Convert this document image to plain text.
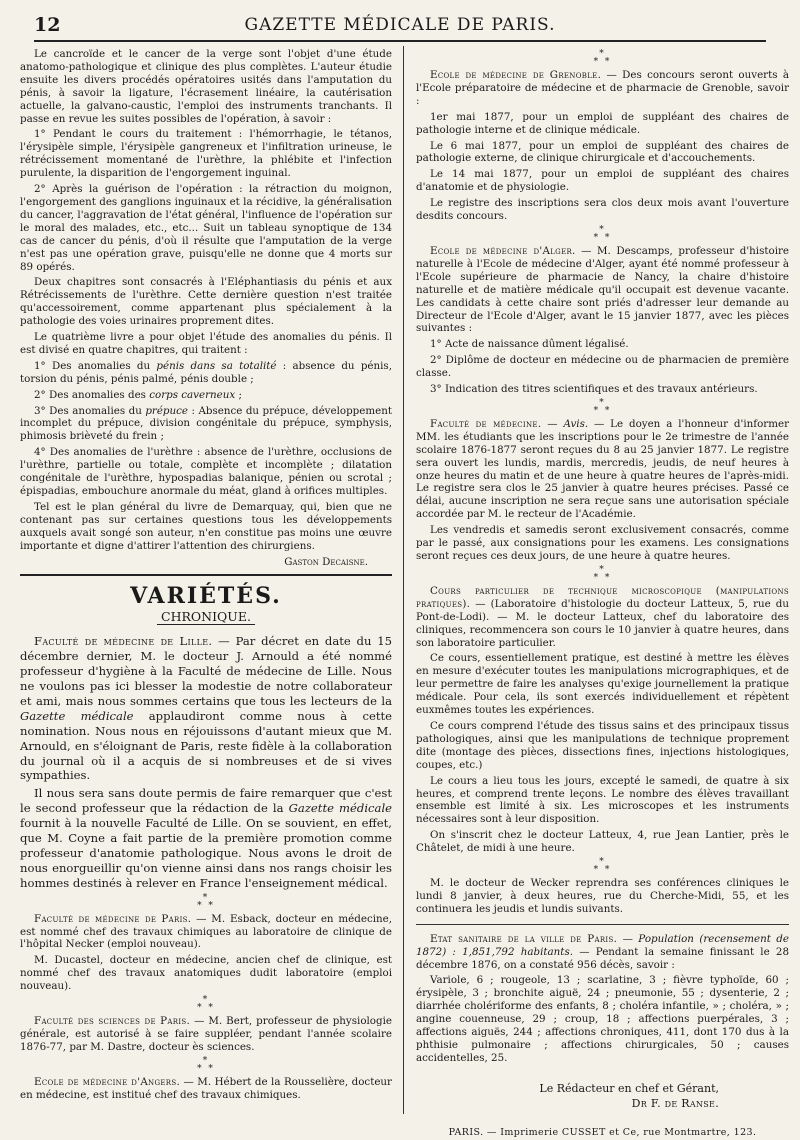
12	GAZETTE MÉDICALE DE PARIS.

Le cancroïde et le cancer de la verge sont l'objet d'une étude anatomo-pathologique et clinique des plus complètes. L'auteur étudie ensuite les divers procédés opératoires usités dans l'amputation du pénis, à savoir la ligature, l'écrasement linéaire, la cautérisation actuelle, la galvano-caustic, l'emploi des instruments tranchants. Il passe en revue les suites possibles de l'opération, à savoir :

1° Pendant le cours du traitement : l'hémorrhagie, le tétanos, l'érysipèle simple, l'érysipèle gangreneux et l'infiltration urineuse, le rétrécissement momentané de l'urèthre, la phlébite et l'infection purulente, la disparition de l'engorgement inguinal.

2° Après la guérison de l'opération : la rétraction du moignon, l'engorgement des ganglions inguinaux et la récidive, la généralisation du cancer, l'aggravation de l'état général, l'influence de l'opération sur le moral des malades, etc., etc... Suit un tableau synoptique de 134 cas de cancer du pénis, d'où il résulte que l'amputation de la verge n'est pas une opération grave, puisqu'elle ne donne que 4 morts sur 89 opérés.

Deux chapitres sont consacrés à l'Eléphantiasis du pénis et aux Rétrécissements de l'urèthre. Cette dernière question n'est traitée qu'accessoirement, comme appartenant plus spécialement à la pathologie des voies urinaires proprement dites.

Le quatrième livre a pour objet l'étude des anomalies du pénis. Il est divisé en quatre chapitres, qui traitent :

1° Des anomalies du pénis dans sa totalité : absence du pénis, torsion du pénis, pénis palmé, pénis double ;

2° Des anomalies des corps caverneux ;

3° Des anomalies du prépuce : Absence du prépuce, développement incomplet du prépuce, division congénitale du prépuce, symphysis, phimosis brièveté du frein ;

4° Des anomalies de l'urèthre : absence de l'urèthre, occlusions de l'urèthre, partielle ou totale, complète et incomplète ; dilatation congénitale de l'urèthre, hypospadias balanique, pénien ou scrotal ; épispadias, embouchure anormale du méat, gland à orifices multiples.

Tel est le plan général du livre de Demarquay, qui, bien que ne contenant pas sur certaines questions tous les développements auxquels avait songé son auteur, n'en constitue pas moins une œuvre importante et digne d'attirer l'attention des chirurgiens.

Gaston Decaisne.
VARIÉTÉS.
CHRONIQUE.

Faculté de médecine de Lille. — Par décret en date du 15 décembre dernier, M. le docteur J. Arnould a été nommé professeur d'hygiène à la Faculté de médecine de Lille. Nous ne voulons pas ici blesser la modestie de notre collaborateur et ami, mais nous sommes certains que tous les lecteurs de la Gazette médicale applaudiront comme nous à cette nomination. Nous nous en réjouissons d'autant mieux que M. Arnould, en s'éloignant de Paris, reste fidèle à la collaboration du journal où il a acquis de si nombreuses et de si vives sympathies.

Il nous sera sans doute permis de faire remarquer que c'est le second professeur que la rédaction de la Gazette médicale fournit à la nouvelle Faculté de Lille. On se souvient, en effet, que M. Coyne a fait partie de la première promotion comme professeur d'anatomie pathologique. Nous avons le droit de nous enorgueillir qu'on vienne ainsi dans nos rangs choisir les hommes destinés à relever en France l'enseignement médical.

*
* *

Faculté de médecine de Paris. — M. Esback, docteur en médecine, est nommé chef des travaux chimiques au laboratoire de clinique de l'hôpital Necker (emploi nouveau).

M. Ducastel, docteur en médecine, ancien chef de clinique, est nommé chef des travaux anatomiques dudit laboratoire (emploi nouveau).

*
* *

Faculté des sciences de Paris. — M. Bert, professeur de physiologie générale, est autorisé à se faire suppléer, pendant l'année scolaire 1876-77, par M. Dastre, docteur ès sciences.

*
* *

Ecole de médecine d'Angers. — M. Hébert de la Rousselière, docteur en médecine, est institué chef des travaux chimiques.

*
* *

Ecole de médecine de Grenoble. — Des concours seront ouverts à l'Ecole préparatoire de médecine et de pharmacie de Grenoble, savoir :

1er mai 1877, pour un emploi de suppléant des chaires de pathologie interne et de clinique médicale.

Le 6 mai 1877, pour un emploi de suppléant des chaires de pathologie externe, de clinique chirurgicale et d'accouchements.

Le 14 mai 1877, pour un emploi de suppléant des chaires d'anatomie et de physiologie.

Le registre des inscriptions sera clos deux mois avant l'ouverture desdits concours.

*
* *

Ecole de médecine d'Alger. — M. Descamps, professeur d'histoire naturelle à l'Ecole de médecine d'Alger, ayant été nommé professeur à l'Ecole supérieure de pharmacie de Nancy, la chaire d'histoire naturelle et de matière médicale qu'il occupait est devenue vacante. Les candidats à cette chaire sont priés d'adresser leur demande au Directeur de l'Ecole d'Alger, avant le 15 janvier 1877, avec les pièces suivantes :

1° Acte de naissance dûment légalisé.

2° Diplôme de docteur en médecine ou de pharmacien de première classe.

3° Indication des titres scientifiques et des travaux antérieurs.

*
* *

Faculté de médecine. — Avis. — Le doyen a l'honneur d'informer MM. les étudiants que les inscriptions pour le 2e trimestre de l'année scolaire 1876-1877 seront reçues du 8 au 25 janvier 1877. Le registre sera ouvert les lundis, mardis, mercredis, jeudis, de neuf heures à onze heures du matin et de une heure à quatre heures de l'après-midi. Le registre sera clos le 25 janvier à quatre heures précises. Passé ce délai, aucune inscription ne sera reçue sans une autorisation spéciale accordée par M. le recteur de l'Académie.

Les vendredis et samedis seront exclusivement consacrés, comme par le passé, aux consignations pour les examens. Les consignations seront reçues ces deux jours, de une heure à quatre heures.

*
* *

Cours particulier de technique microscopique (manipulations pratiques). — (Laboratoire d'histologie du docteur Latteux, 5, rue du Pont-de-Lodi). — M. le docteur Latteux, chef du laboratoire des cliniques, recommencera son cours le 10 janvier à quatre heures, dans son laboratoire particulier.

Ce cours, essentiellement pratique, est destiné à mettre les élèves en mesure d'exécuter toutes les manipulations micrographiques, et de leur permettre de faire les analyses qu'exige journellement la pratique médicale. Pour cela, ils sont exercés individuellement et répètent euxmêmes toutes les expériences.

Ce cours comprend l'étude des tissus sains et des principaux tissus pathologiques, ainsi que les manipulations de technique proprement dite (montage des pièces, dissections fines, injections histologiques, coupes, etc.)

Le cours a lieu tous les jours, excepté le samedi, de quatre à six heures, et comprend trente leçons. Le nombre des élèves travaillant ensemble est limité à six. Les microscopes et les instruments nécessaires sont à leur disposition.

On s'inscrit chez le docteur Latteux, 4, rue Jean Lantier, près le Châtelet, de midi à une heure.

*
* *

M. le docteur de Wecker reprendra ses conférences cliniques le lundi 8 janvier, à deux heures, rue du Cherche-Midi, 55, et les continuera les jeudis et lundis suivants.

Etat sanitaire de la ville de Paris. — Population (recensement de 1872) : 1,851,792 habitants. — Pendant la semaine finissant le 28 décembre 1876, on a constaté 956 décès, savoir :

Variole, 6 ; rougeole, 13 ; scarlatine, 3 ; fièvre typhoïde, 60 ; érysipèle, 3 ; bronchite aiguë, 24 ; pneumonie, 55 ; dysenterie, 2 ; diarrhée cholériforme des enfants, 8 ; choléra infantile, » ; choléra, » ; angine couenneuse, 29 ; croup, 18 ; affections puerpérales, 3 ; affections aiguës, 244 ; affections chroniques, 411, dont 170 dus à la phthisie pulmonaire ; affections chirurgicales, 50 ; causes accidentelles, 25.

Le Rédacteur en chef et Gérant,
Dr F. de Ranse.
PARIS. — Imprimerie CUSSET et Ce, rue Montmartre, 123.
